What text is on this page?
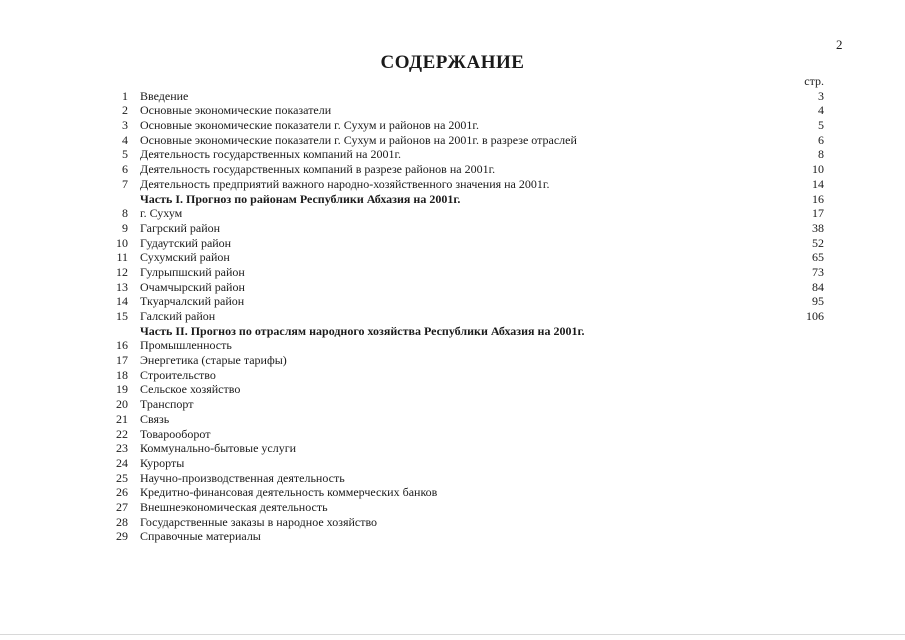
2
СОДЕРЖАНИЕ
стр.
1	Введение	3
2	Основные экономические показатели	4
3	Основные экономические показатели г. Сухум и районов на 2001г.	5
4	Основные экономические показатели г. Сухум и районов на 2001г. в разрезе отраслей	6
5	Деятельность государственных компаний на 2001г.	8
6	Деятельность государственных компаний в разрезе районов на 2001г.	10
7	Деятельность предприятий важного народно-хозяйственного значения на 2001г.	14
Часть I. Прогноз по районам Республики Абхазия на 2001г.	16
8	г. Сухум	17
9	Гагрский район	38
10	Гудаутский район	52
11	Сухумский район	65
12	Гулрыпшский район	73
13	Очамчырский район	84
14	Ткуарчалский район	95
15	Галский район	106
Часть II. Прогноз по отраслям народного хозяйства Республики Абхазия на 2001г.
16	Промышленность
17	Энергетика (старые тарифы)
18	Строительство
19	Сельское хозяйство
20	Транспорт
21	Связь
22	Товарооборот
23	Коммунально-бытовые услуги
24	Курорты
25	Научно-производственная деятельность
26	Кредитно-финансовая деятельность коммерческих банков
27	Внешнеэкономическая деятельность
28	Государственные заказы в народное хозяйство
29	Справочные материалы
